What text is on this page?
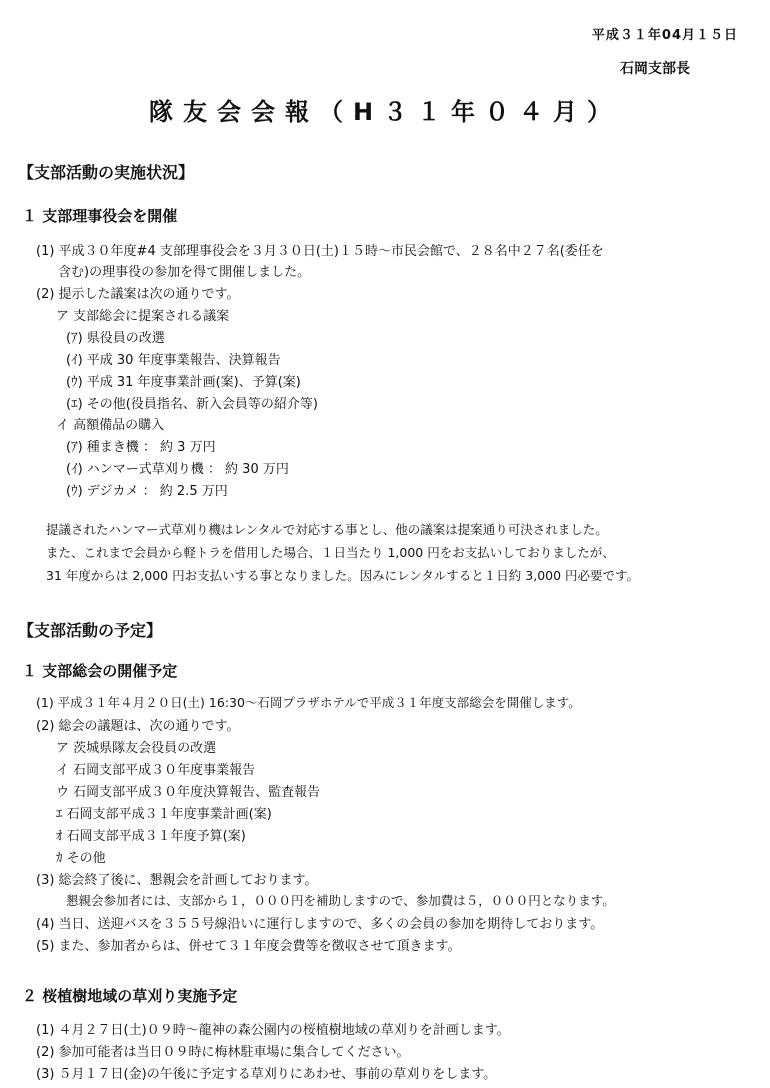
平成３１年04月１５日
石岡支部長
隊友会会報（H３１年０４月）
【支部活動の実施状況】
１ 支部理事役会を開催
(1) 平成３０年度#4 支部理事役会を３月３０日(土)１５時〜市民会館で、２８名中２７名(委任を
含む)の理事役の参加を得て開催しました。
(2) 提示した議案は次の通りです。
ア 支部総会に提案される議案
(ｱ) 県役員の改選
(ｲ) 平成 30 年度事業報告、決算報告
(ｳ) 平成 31 年度事業計画(案)、予算(案)
(ｴ) その他(役員指名、新入会員等の紹介等)
イ 高額備品の購入
(ｱ) 種まき機 ： 約 3 万円
(ｲ) ハンマー式草刈り機 ： 約 30 万円
(ｳ) デジカメ ： 約 2.5 万円
提議されたハンマー式草刈り機はレンタルで対応する事とし、他の議案は提案通り可決されました。
また、これまで会員から軽トラを借用した場合、１日当たり 1,000 円をお支払いしておりましたが、
31 年度からは 2,000 円お支払いする事となりました。因みにレンタルすると１日約 3,000 円必要です。
【支部活動の予定】
１ 支部総会の開催予定
(1) 平成３１年４月２０日(土) 16:30〜石岡プラザホテルで平成３１年度支部総会を開催します。
(2) 総会の議題は、次の通りです。
ア 茨城県隊友会役員の改選
イ 石岡支部平成３０年度事業報告
ウ 石岡支部平成３０年度決算報告、監査報告
ｴ 石岡支部平成３１年度事業計画(案)
ｵ 石岡支部平成３１年度予算(案)
ｶ その他
(3) 総会終了後に、懇親会を計画しております。
懇親会参加者には、支部から１，０００円を補助しますので、参加費は５，０００円となります。
(4) 当日、送迎バスを３５５号線沿いに運行しますので、多くの会員の参加を期待しております。
(5) また、参加者からは、併せて３１年度会費等を徴収させて頂きます。
２ 桜植樹地域の草刈り実施予定
(1) ４月２７日(土)０９時〜龍神の森公園内の桜植樹地域の草刈りを計画します。
(2) 参加可能者は当日０９時に梅林駐車場に集合してください。
(3) ５月１７日(金)の午後に予定する草刈りにあわせ、事前の草刈りをします。
